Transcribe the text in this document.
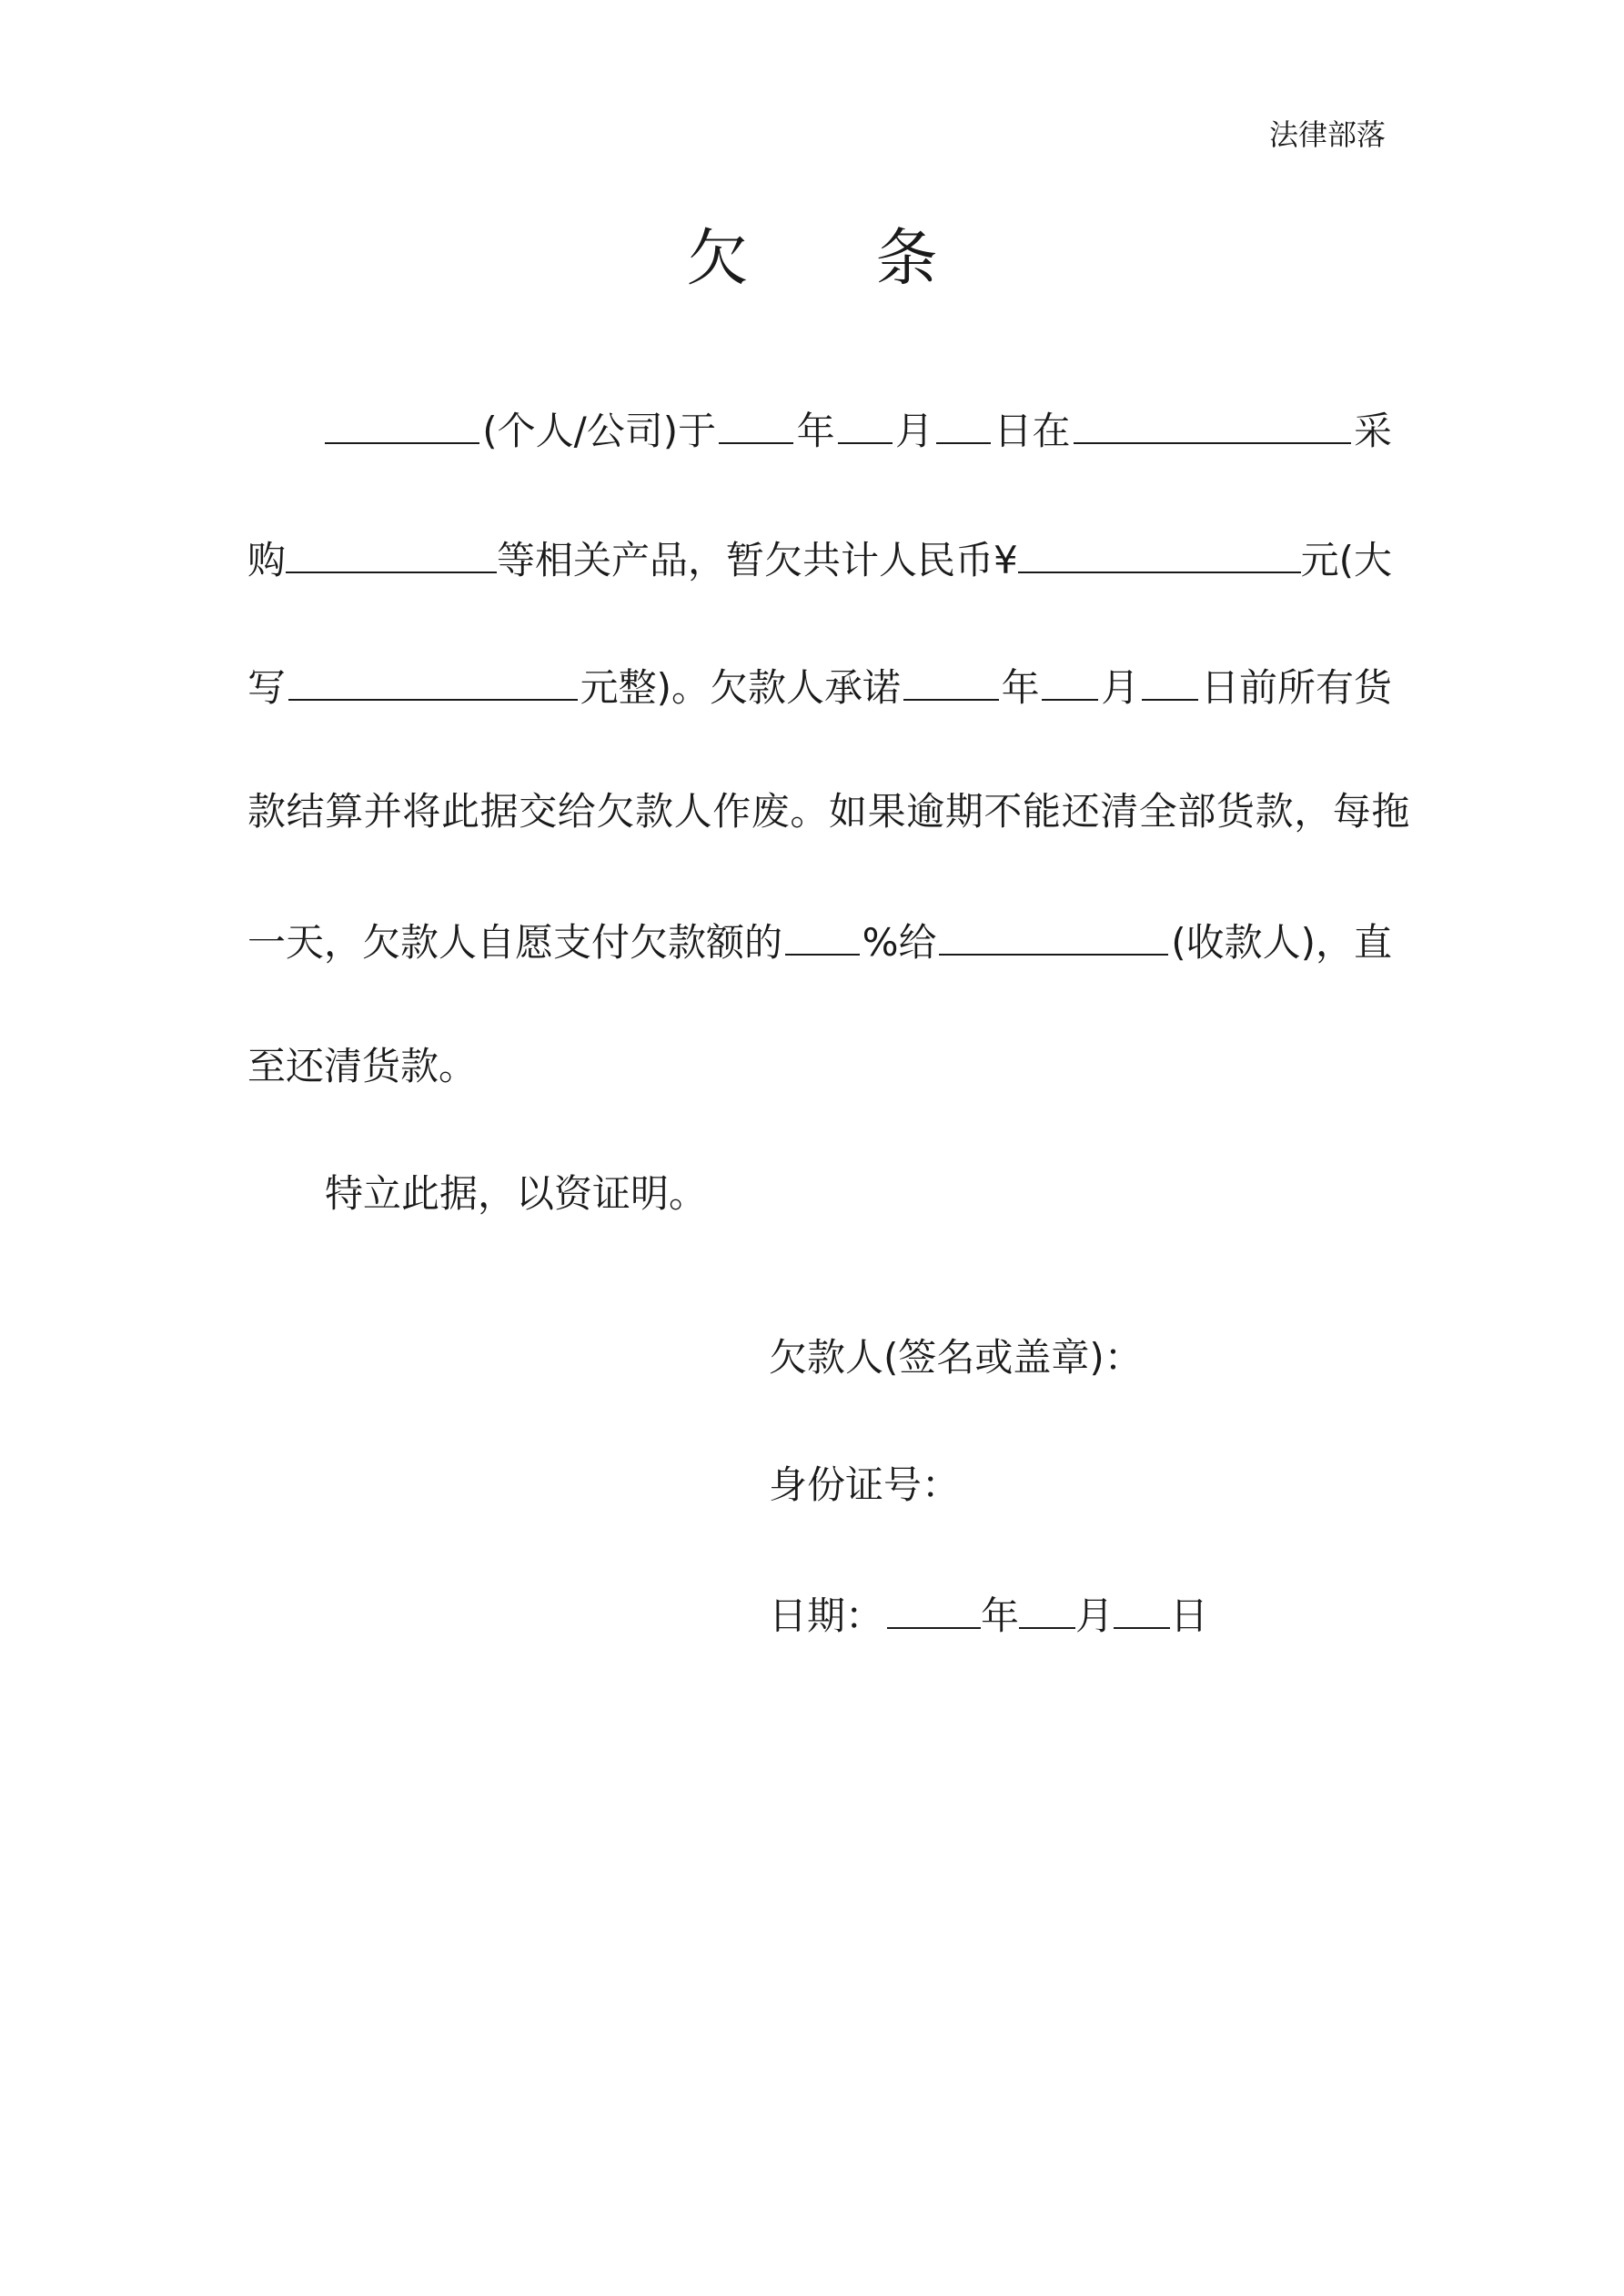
法律部落
欠 条
(个人/公司)于 年 月 日在	采
购	等相关产品，暂欠共计人民币¥	元(大
写	元整)。欠款人承诺	年 月 日前所有货
款结算并将此据交给欠款人作废。如果逾期不能还清全部货款，每拖
一天，欠款人自愿支付欠款额的 %给	(收款人)，直
至还清货款。
特立此据，以资证明。
欠款人(签名或盖章)：
身份证号：
日期：	年 月 日
